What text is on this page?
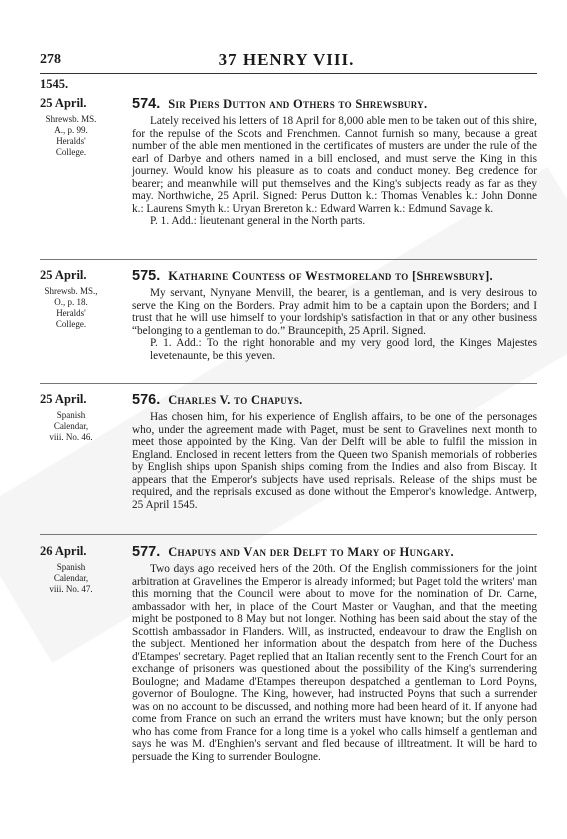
278	37 HENRY VIII.
1545.
25 April.
Shrewsb. MS.
A., p. 99.
Heralds'
College.
574. Sir Piers Dutton and Others to Shrewsbury.

Lately received his letters of 18 April for 8,000 able men to be taken out of this shire, for the repulse of the Scots and Frenchmen. Cannot furnish so many, because a great number of the able men mentioned in the certificates of musters are under the rule of the earl of Darbye and others named in a bill enclosed, and must serve the King in this journey. Would know his pleasure as to coats and conduct money. Beg credence for bearer; and meanwhile will put themselves and the King's subjects ready as far as they may. Northwiche, 25 April. Signed: Perus Dutton k.: Thomas Venables k.: John Donne k.: Laurens Smyth k.: Uryan Brereton k.: Edward Warren k.: Edmund Savage k.

P. 1. Add.: lieutenant general in the North parts.

25 April.
Shrewsb. MS.,
O., p. 18.
Heralds'
College.
575. Katharine Countess of Westmoreland to [Shrewsbury].

My servant, Nynyane Menvill, the bearer, is a gentleman, and is very desirous to serve the King on the Borders. Pray admit him to be a captain upon the Borders; and I trust that he will use himself to your lordship's satisfaction in that or any other business “belonging to a gentleman to do.” Brauncepith, 25 April. Signed.

P. 1. Add.: To the right honorable and my very good lord, the Kinges Majestes levetenaunte, be this yeven.

25 April.
Spanish
Calendar,
viii. No. 46.
576. Charles V. to Chapuys.

Has chosen him, for his experience of English affairs, to be one of the personages who, under the agreement made with Paget, must be sent to Gravelines next month to meet those appointed by the King. Van der Delft will be able to fulfil the mission in England. Enclosed in recent letters from the Queen two Spanish memorials of robberies by English ships upon Spanish ships coming from the Indies and also from Biscay. It appears that the Emperor's subjects have used reprisals. Release of the ships must be required, and the reprisals excused as done without the Emperor's knowledge. Antwerp, 25 April 1545.

26 April.
Spanish
Calendar,
viii. No. 47.
577. Chapuys and Van der Delft to Mary of Hungary.

Two days ago received hers of the 20th. Of the English commissioners for the joint arbitration at Gravelines the Emperor is already informed; but Paget told the writers' man this morning that the Council were about to move for the nomination of Dr. Carne, ambassador with her, in place of the Court Master or Vaughan, and that the meeting might be postponed to 8 May but not longer. Nothing has been said about the stay of the Scottish ambassador in Flanders. Will, as instructed, endeavour to draw the English on the subject. Mentioned her information about the despatch from here of the Duchess d'Etampes' secretary. Paget replied that an Italian recently sent to the French Court for an exchange of prisoners was questioned about the possibility of the King's surrendering Boulogne; and Madame d'Etampes thereupon despatched a gentleman to Lord Poyns, governor of Boulogne. The King, however, had instructed Poyns that such a surrender was on no account to be discussed, and nothing more had been heard of it. If anyone had come from France on such an errand the writers must have known; but the only person who has come from France for a long time is a yokel who calls himself a gentleman and says he was M. d'Enghien's servant and fled because of illtreatment. It will be hard to persuade the King to surrender Boulogne.
